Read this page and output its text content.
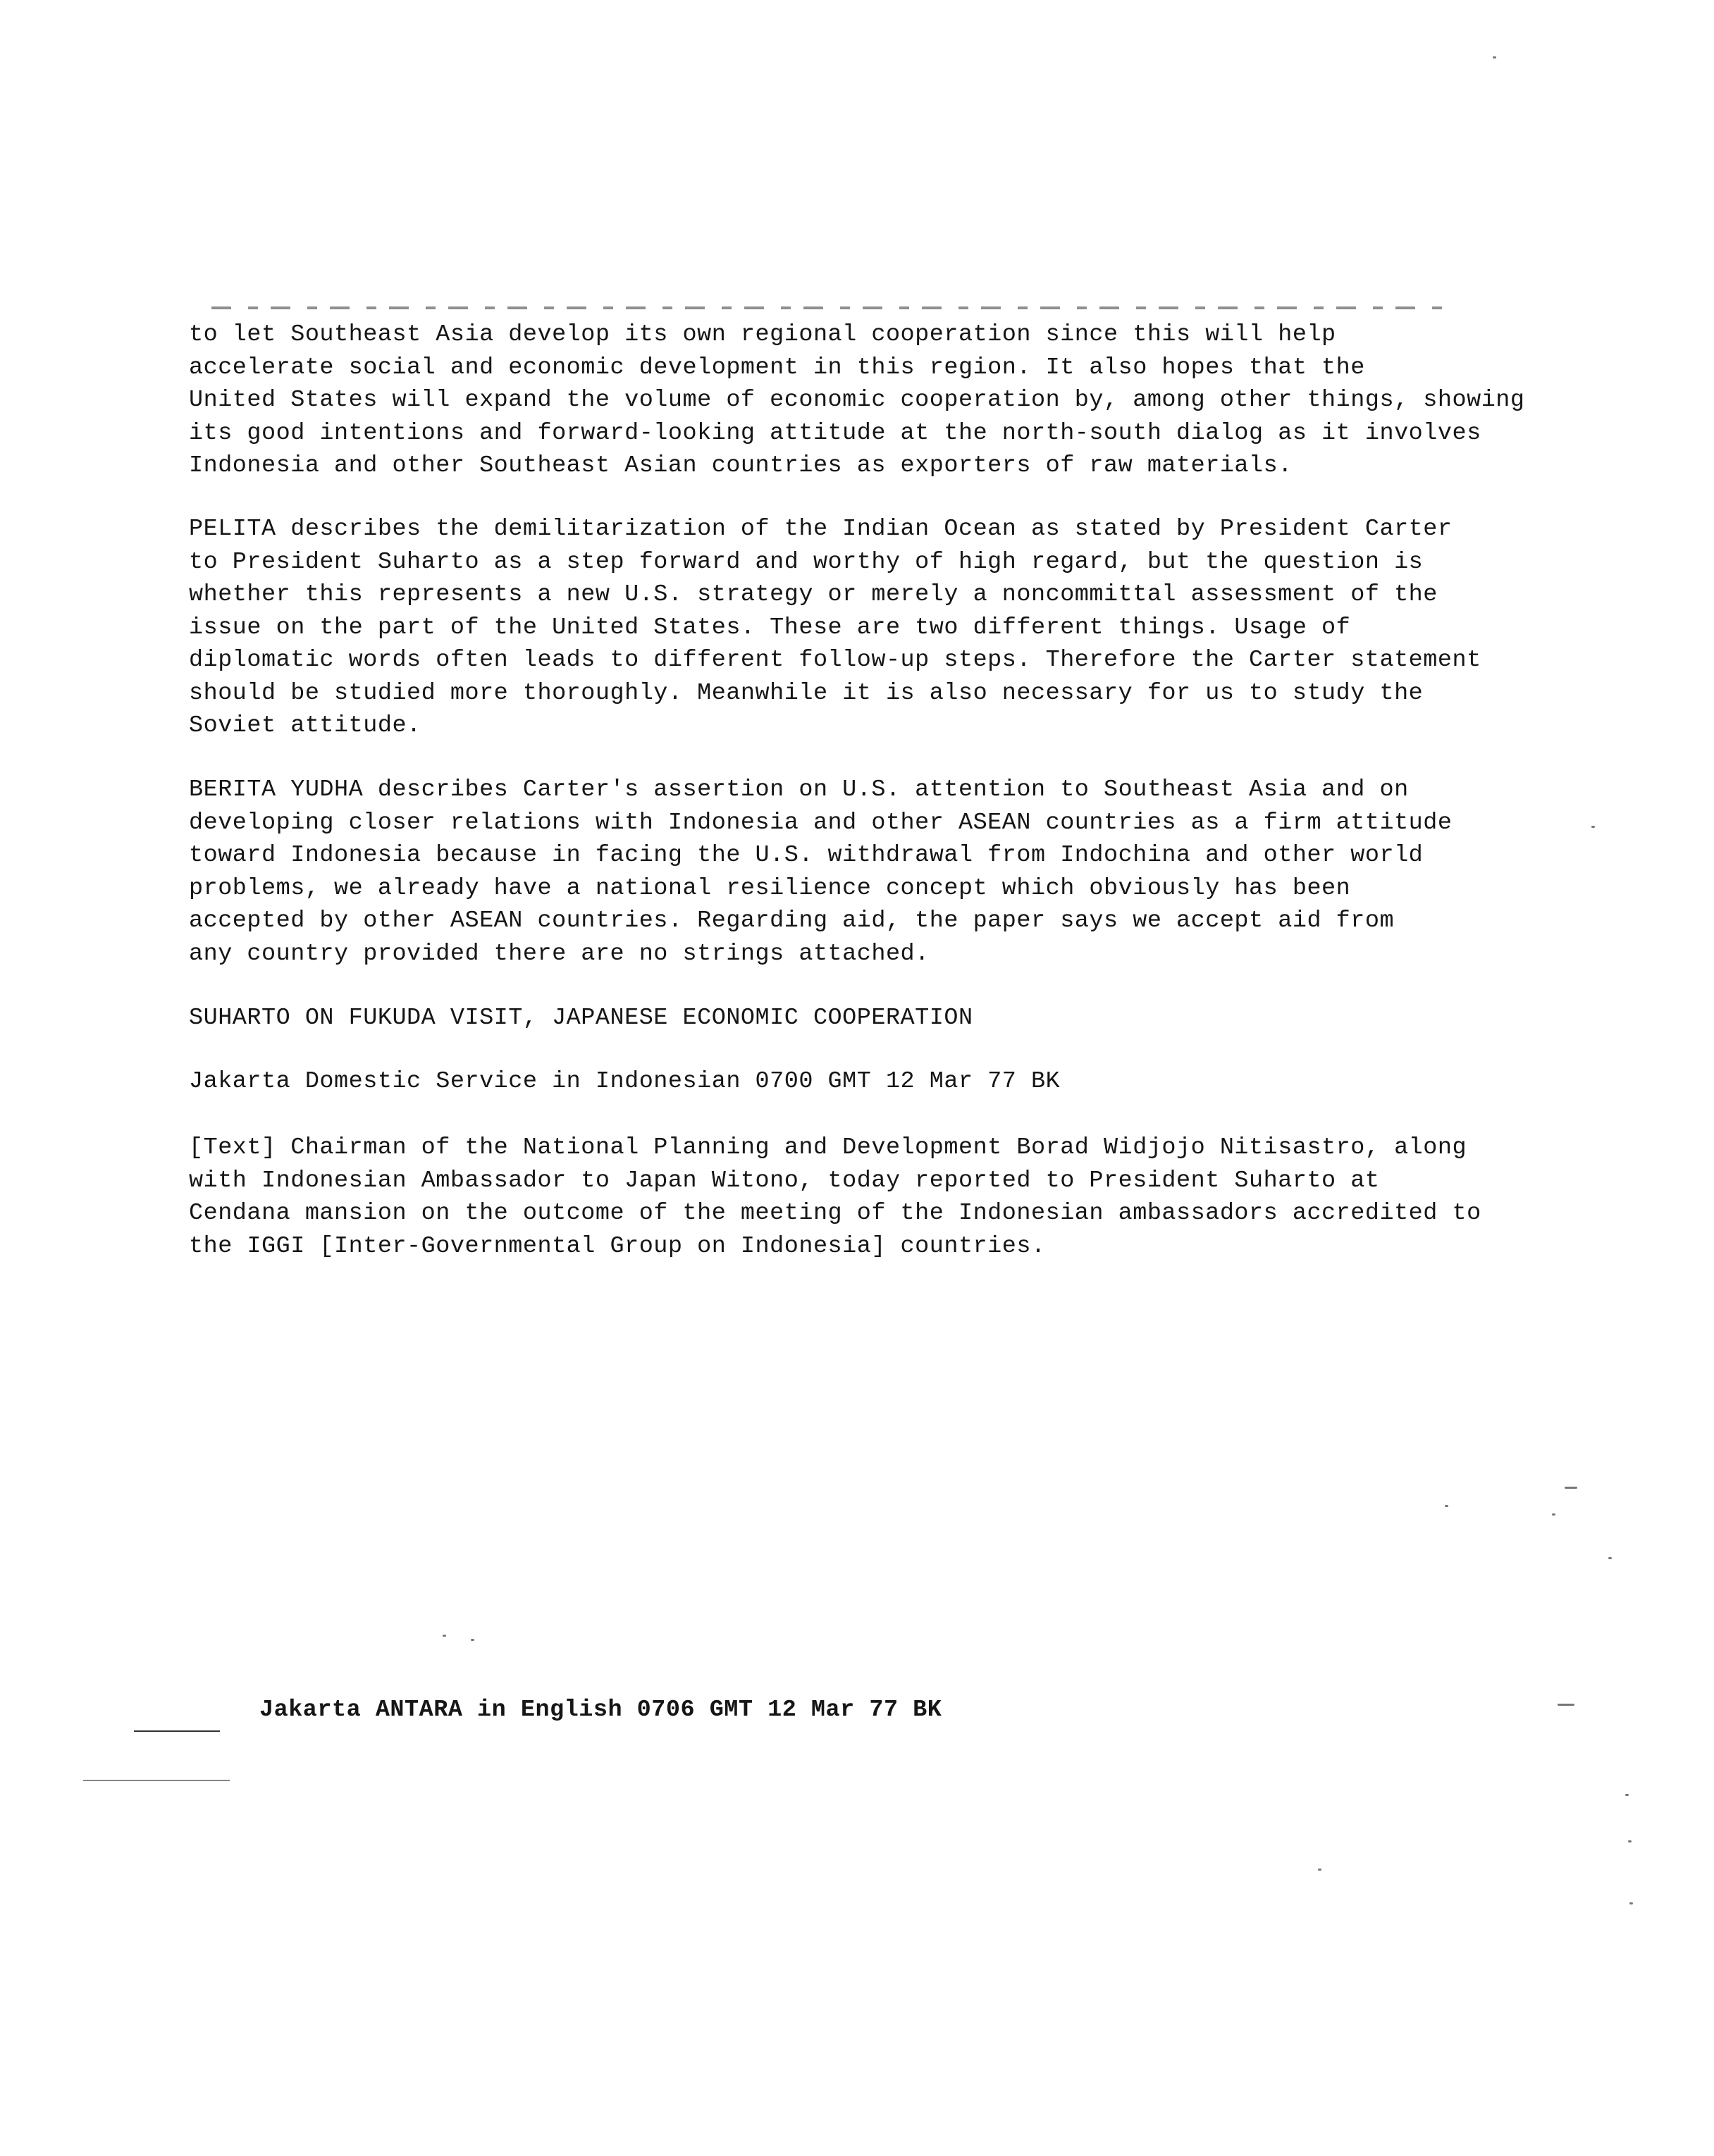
to let Southeast Asia develop its own regional cooperation since this will help
accelerate social and economic development in this region. It also hopes that the
United States will expand the volume of economic cooperation by, among other things, showing
its good intentions and forward-looking attitude at the north-south dialog as it involves
Indonesia and other Southeast Asian countries as exporters of raw materials.

PELITA describes the demilitarization of the Indian Ocean as stated by President Carter
to President Suharto as a step forward and worthy of high regard, but the question is
whether this represents a new U.S. strategy or merely a noncommittal assessment of the
issue on the part of the United States. These are two different things. Usage of
diplomatic words often leads to different follow-up steps. Therefore the Carter statement
should be studied more thoroughly. Meanwhile it is also necessary for us to study the
Soviet attitude.

BERITA YUDHA describes Carter's assertion on U.S. attention to Southeast Asia and on
developing closer relations with Indonesia and other ASEAN countries as a firm attitude
toward Indonesia because in facing the U.S. withdrawal from Indochina and other world
problems, we already have a national resilience concept which obviously has been
accepted by other ASEAN countries. Regarding aid, the paper says we accept aid from
any country provided there are no strings attached.

SUHARTO ON FUKUDA VISIT, JAPANESE ECONOMIC COOPERATION
Jakarta Domestic Service in Indonesian 0700 GMT 12 Mar 77 BK

[Text] Chairman of the National Planning and Development Borad Widjojo Nitisastro, along
with Indonesian Ambassador to Japan Witono, today reported to President Suharto at
Cendana mansion on the outcome of the meeting of the Indonesian ambassadors accredited to
the IGGI [Inter-Governmental Group on Indonesia] countries.

Jakarta ANTARA in English 0706 GMT 12 Mar 77 BK
